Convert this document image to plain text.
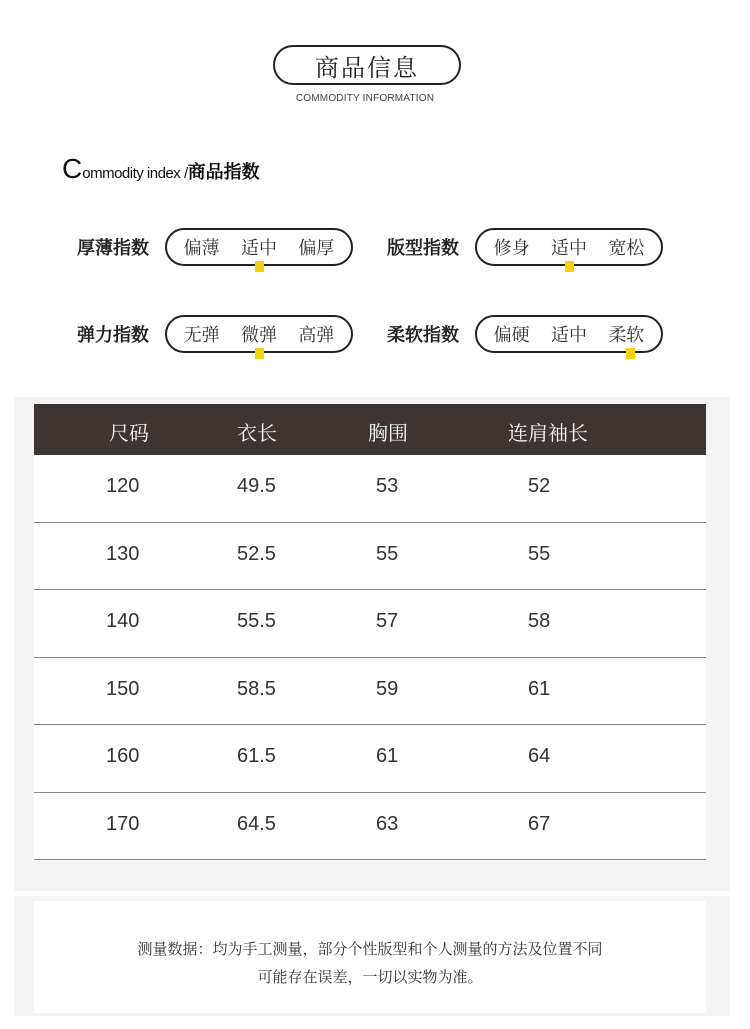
商品信息
COMMODITY INFORMATION
C ommodity index / 商品指数
厚薄指数	偏薄 适中 偏厚	版型指数	修身 适中 宽松
弹力指数	无弹 微弹 高弹	柔软指数	偏硬 适中 柔软
尺码	衣长	胸围	连肩袖长
120	49.5	53	52
130	52.5	55	55
140	55.5	57	58
150	58.5	59	61
160	61.5	61	64
170	64.5	63	67
测量数据：均为手工测量，部分个性版型和个人测量的方法及位置不同
可能存在误差，一切以实物为准。
